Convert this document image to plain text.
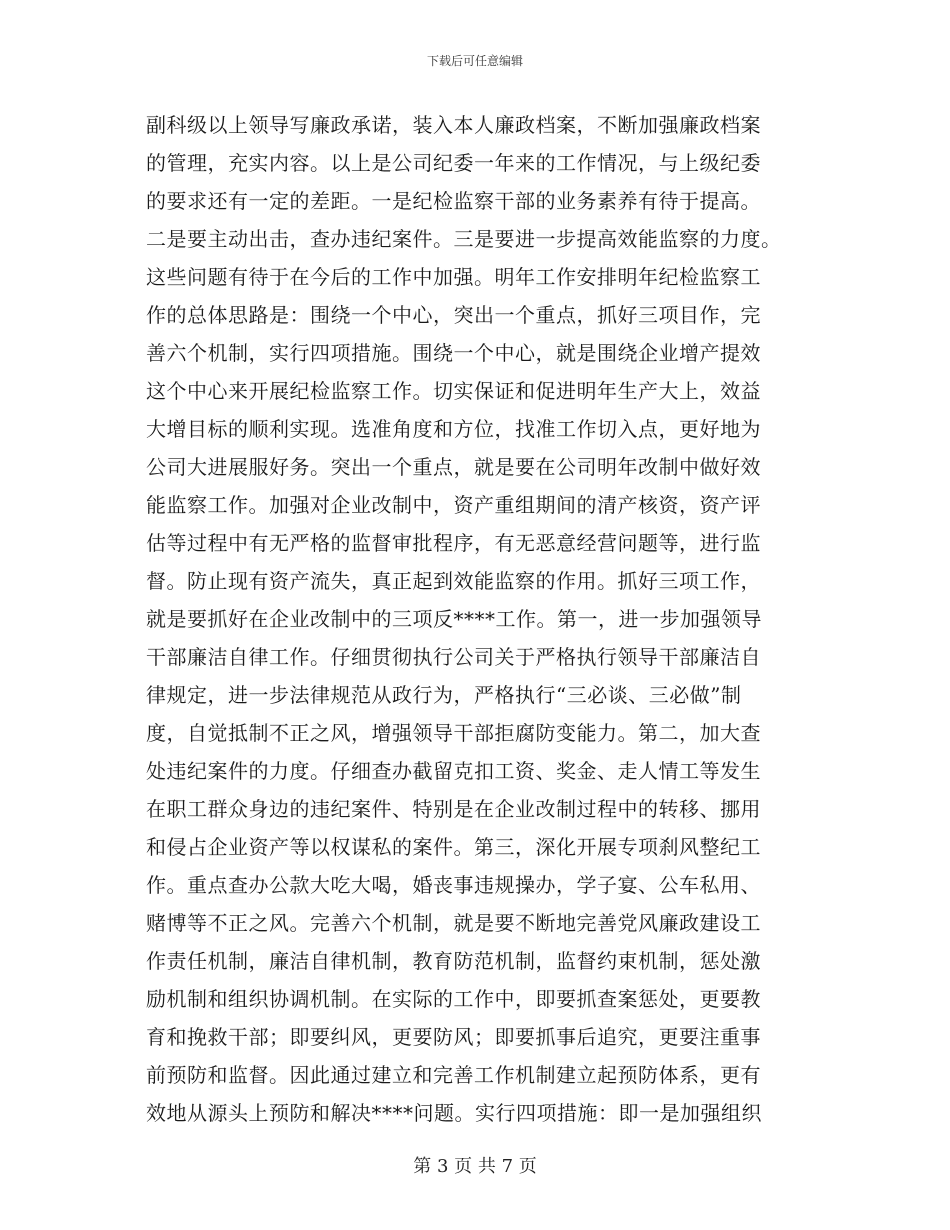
下载后可任意编辑
副科级以上领导写廉政承诺，装入本人廉政档案，不断加强廉政档案
的管理，充实内容。以上是公司纪委一年来的工作情况，与上级纪委
的要求还有一定的差距。一是纪检监察干部的业务素养有待于提高。
二是要主动出击，查办违纪案件。三是要进一步提高效能监察的力度。
这些问题有待于在今后的工作中加强。明年工作安排明年纪检监察工
作的总体思路是：围绕一个中心，突出一个重点，抓好三项目作，完
善六个机制，实行四项措施。围绕一个中心，就是围绕企业增产提效
这个中心来开展纪检监察工作。切实保证和促进明年生产大上，效益
大增目标的顺利实现。选准角度和方位，找准工作切入点，更好地为
公司大进展服好务。突出一个重点，就是要在公司明年改制中做好效
能监察工作。加强对企业改制中，资产重组期间的清产核资，资产评
估等过程中有无严格的监督审批程序，有无恶意经营问题等，进行监
督。防止现有资产流失，真正起到效能监察的作用。抓好三项工作，
就是要抓好在企业改制中的三项反****工作。第一，进一步加强领导
干部廉洁自律工作。仔细贯彻执行公司关于严格执行领导干部廉洁自
律规定，进一步法律规范从政行为，严格执行“三必谈、三必做”制
度，自觉抵制不正之风，增强领导干部拒腐防变能力。第二，加大查
处违纪案件的力度。仔细查办截留克扣工资、奖金、走人情工等发生
在职工群众身边的违纪案件、特别是在企业改制过程中的转移、挪用
和侵占企业资产等以权谋私的案件。第三，深化开展专项刹风整纪工
作。重点查办公款大吃大喝，婚丧事违规操办，学子宴、公车私用、
赌博等不正之风。完善六个机制，就是要不断地完善党风廉政建设工
作责任机制，廉洁自律机制，教育防范机制，监督约束机制，惩处激
励机制和组织协调机制。在实际的工作中，即要抓查案惩处，更要教
育和挽救干部；即要纠风，更要防风；即要抓事后追究，更要注重事
前预防和监督。因此通过建立和完善工作机制建立起预防体系，更有
效地从源头上预防和解决****问题。实行四项措施：即一是加强组织
第 3 页 共 7 页
